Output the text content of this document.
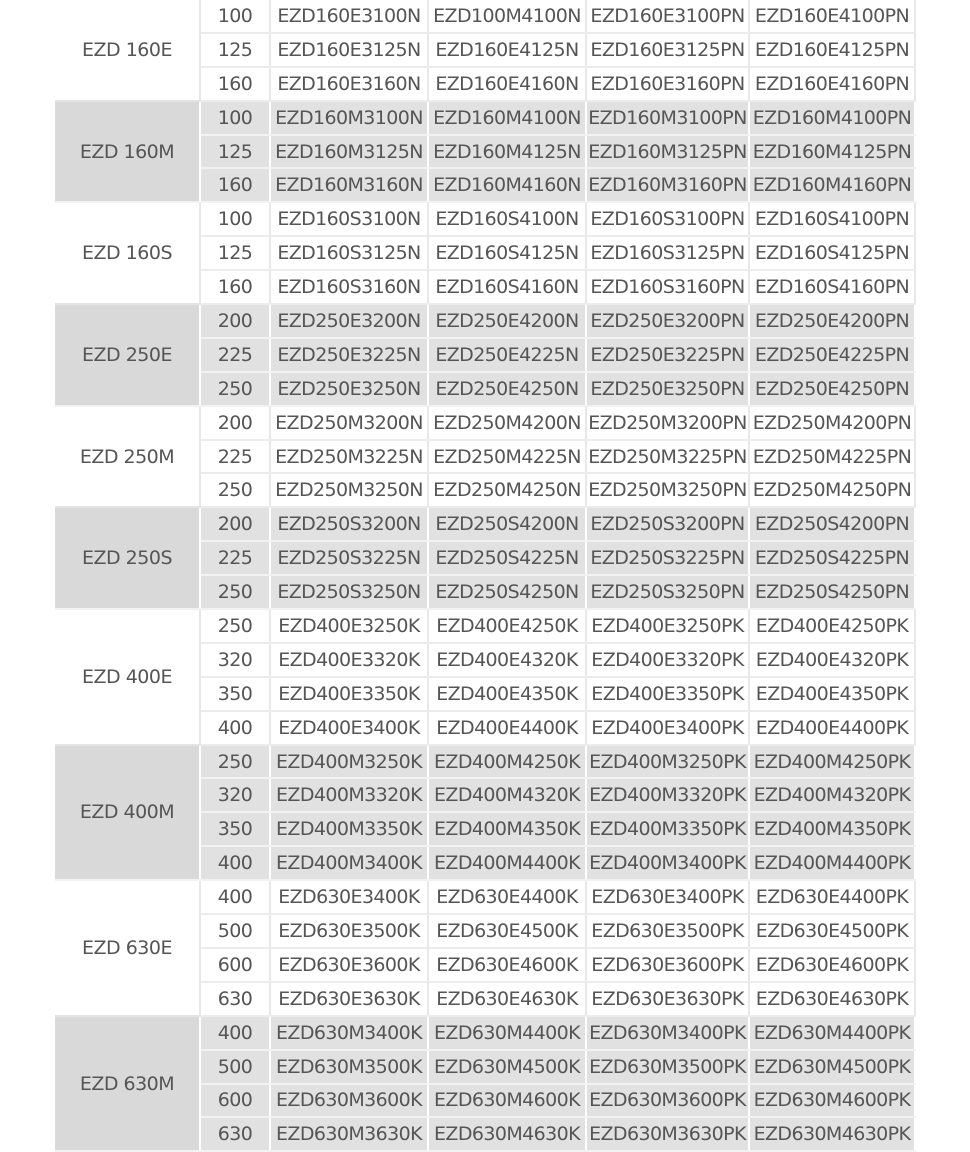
EZD 160E	100	EZD160E3100N	EZD100M4100N	EZD160E3100PN	EZD160E4100PN
	125	EZD160E3125N	EZD160E4125N	EZD160E3125PN	EZD160E4125PN
	160	EZD160E3160N	EZD160E4160N	EZD160E3160PN	EZD160E4160PN
EZD 160M	100	EZD160M3100N	EZD160M4100N	EZD160M3100PN	EZD160M4100PN
	125	EZD160M3125N	EZD160M4125N	EZD160M3125PN	EZD160M4125PN
	160	EZD160M3160N	EZD160M4160N	EZD160M3160PN	EZD160M4160PN
EZD 160S	100	EZD160S3100N	EZD160S4100N	EZD160S3100PN	EZD160S4100PN
	125	EZD160S3125N	EZD160S4125N	EZD160S3125PN	EZD160S4125PN
	160	EZD160S3160N	EZD160S4160N	EZD160S3160PN	EZD160S4160PN
EZD 250E	200	EZD250E3200N	EZD250E4200N	EZD250E3200PN	EZD250E4200PN
	225	EZD250E3225N	EZD250E4225N	EZD250E3225PN	EZD250E4225PN
	250	EZD250E3250N	EZD250E4250N	EZD250E3250PN	EZD250E4250PN
EZD 250M	200	EZD250M3200N	EZD250M4200N	EZD250M3200PN	EZD250M4200PN
	225	EZD250M3225N	EZD250M4225N	EZD250M3225PN	EZD250M4225PN
	250	EZD250M3250N	EZD250M4250N	EZD250M3250PN	EZD250M4250PN
EZD 250S	200	EZD250S3200N	EZD250S4200N	EZD250S3200PN	EZD250S4200PN
	225	EZD250S3225N	EZD250S4225N	EZD250S3225PN	EZD250S4225PN
	250	EZD250S3250N	EZD250S4250N	EZD250S3250PN	EZD250S4250PN
EZD 400E	250	EZD400E3250K	EZD400E4250K	EZD400E3250PK	EZD400E4250PK
	320	EZD400E3320K	EZD400E4320K	EZD400E3320PK	EZD400E4320PK
	350	EZD400E3350K	EZD400E4350K	EZD400E3350PK	EZD400E4350PK
	400	EZD400E3400K	EZD400E4400K	EZD400E3400PK	EZD400E4400PK
EZD 400M	250	EZD400M3250K	EZD400M4250K	EZD400M3250PK	EZD400M4250PK
	320	EZD400M3320K	EZD400M4320K	EZD400M3320PK	EZD400M4320PK
	350	EZD400M3350K	EZD400M4350K	EZD400M3350PK	EZD400M4350PK
	400	EZD400M3400K	EZD400M4400K	EZD400M3400PK	EZD400M4400PK
EZD 630E	400	EZD630E3400K	EZD630E4400K	EZD630E3400PK	EZD630E4400PK
	500	EZD630E3500K	EZD630E4500K	EZD630E3500PK	EZD630E4500PK
	600	EZD630E3600K	EZD630E4600K	EZD630E3600PK	EZD630E4600PK
	630	EZD630E3630K	EZD630E4630K	EZD630E3630PK	EZD630E4630PK
EZD 630M	400	EZD630M3400K	EZD630M4400K	EZD630M3400PK	EZD630M4400PK
	500	EZD630M3500K	EZD630M4500K	EZD630M3500PK	EZD630M4500PK
	600	EZD630M3600K	EZD630M4600K	EZD630M3600PK	EZD630M4600PK
	630	EZD630M3630K	EZD630M4630K	EZD630M3630PK	EZD630M4630PK
